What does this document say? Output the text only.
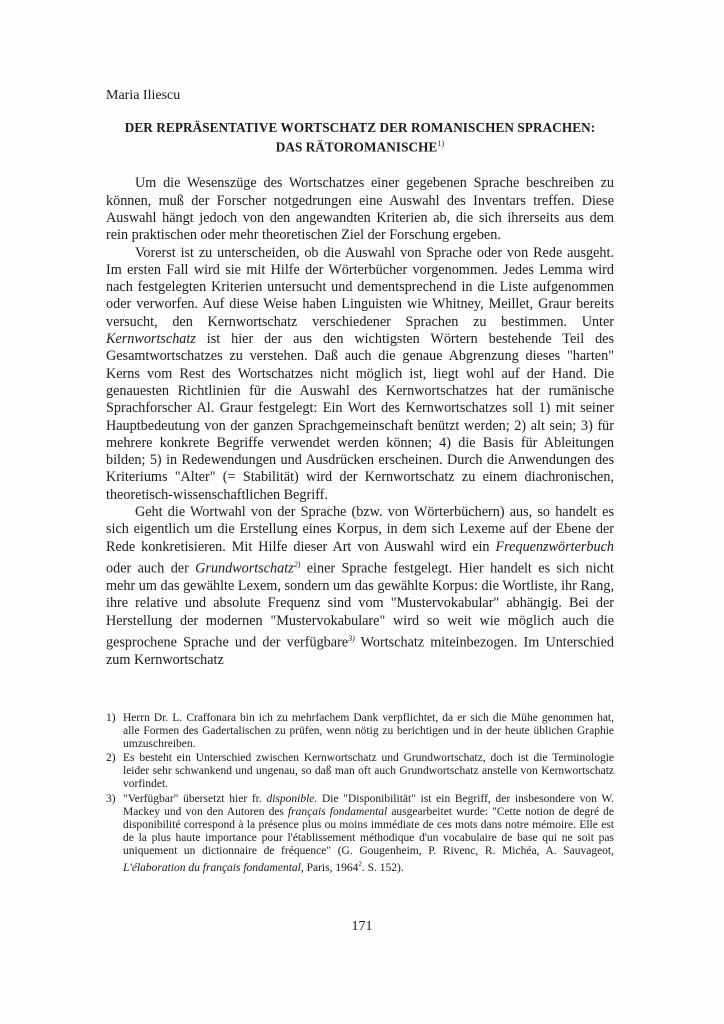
Maria Iliescu
DER REPRÄSENTATIVE WORTSCHATZ DER ROMANISCHEN SPRACHEN:
DAS RÄTOROMANISCHE$^{1)}$

Um die Wesenszüge des Wortschatzes einer gegebenen Sprache beschreiben zu können, muß der Forscher notgedrungen eine Auswahl des Inventars treffen. Diese Auswahl hängt jedoch von den angewandten Kriterien ab, die sich ihrerseits aus dem rein praktischen oder mehr theoretischen Ziel der Forschung ergeben.

Vorerst ist zu unterscheiden, ob die Auswahl von Sprache oder von Rede ausgeht. Im ersten Fall wird sie mit Hilfe der Wörterbücher vorgenommen. Jedes Lemma wird nach festgelegten Kriterien untersucht und dementsprechend in die Liste aufgenommen oder verworfen. Auf diese Weise haben Linguisten wie Whitney, Meillet, Graur bereits versucht, den Kernwortschatz verschiedener Sprachen zu bestimmen. Unter Kernwortschatz ist hier der aus den wichtigsten Wörtern bestehende Teil des Gesamtwortschatzes zu verstehen. Daß auch die genaue Abgrenzung dieses "harten" Kerns vom Rest des Wortschatzes nicht möglich ist, liegt wohl auf der Hand. Die genauesten Richtlinien für die Auswahl des Kernwortschatzes hat der rumänische Sprachforscher Al. Graur festgelegt: Ein Wort des Kernwortschatzes soll 1) mit seiner Hauptbedeutung von der ganzen Sprachgemeinschaft benützt werden; 2) alt sein; 3) für mehrere konkrete Begriffe verwendet werden können; 4) die Basis für Ableitungen bilden; 5) in Redewendungen und Ausdrücken erscheinen. Durch die Anwendungen des Kriteriums "Alter" (= Stabilität) wird der Kernwortschatz zu einem diachronischen, theoretisch-wissenschaftlichen Begriff.

Geht die Wortwahl von der Sprache (bzw. von Wörterbüchern) aus, so handelt es sich eigentlich um die Erstellung eines Korpus, in dem sich Lexeme auf der Ebene der Rede konkretisieren. Mit Hilfe dieser Art von Auswahl wird ein Frequenzwörterbuch oder auch der Grundwortschatz$^{2)}$ einer Sprache festgelegt. Hier handelt es sich nicht mehr um das gewählte Lexem, sondern um das gewählte Korpus: die Wortliste, ihr Rang, ihre relative und absolute Frequenz sind vom "Mustervokabular" abhängig. Bei der Herstellung der modernen "Mustervokabulare" wird so weit wie möglich auch die gesprochene Sprache und der verfügbare$^{3)}$ Wortschatz miteinbezogen. Im Unterschied zum Kernwortschatz

1) Herrn Dr. L. Craffonara bin ich zu mehrfachem Dank verpflichtet, da er sich die Mühe genommen hat, alle Formen des Gadertalischen zu prüfen, wenn nötig zu berichtigen und in der heute üblichen Graphie umzuschreiben.
2) Es besteht ein Unterschied zwischen Kernwortschatz und Grundwortschatz, doch ist die Terminologie leider sehr schwankend und ungenau, so daß man oft auch Grundwortschatz anstelle von Kernwortschatz vorfindet.
3) "Verfügbar" übersetzt hier fr. disponible. Die "Disponibilität" ist ein Begriff, der insbesondere von W. Mackey und von den Autoren des français fondamental ausgearbeitet wurde: "Cette notion de degré de disponibilité correspond à la présence plus ou moins immédiate de ces mots dans notre mémoire. Elle est de la plus haute importance pour l'établissement méthodique d'un vocabulaire de base qui ne soit pas uniquement un dictionnaire de fréquence" (G. Gougenheim, P. Rivenc, R. Michéa, A. Sauvageot, L'élaboration du français fondamental, Paris, 1964$^2$. S. 152).
171
